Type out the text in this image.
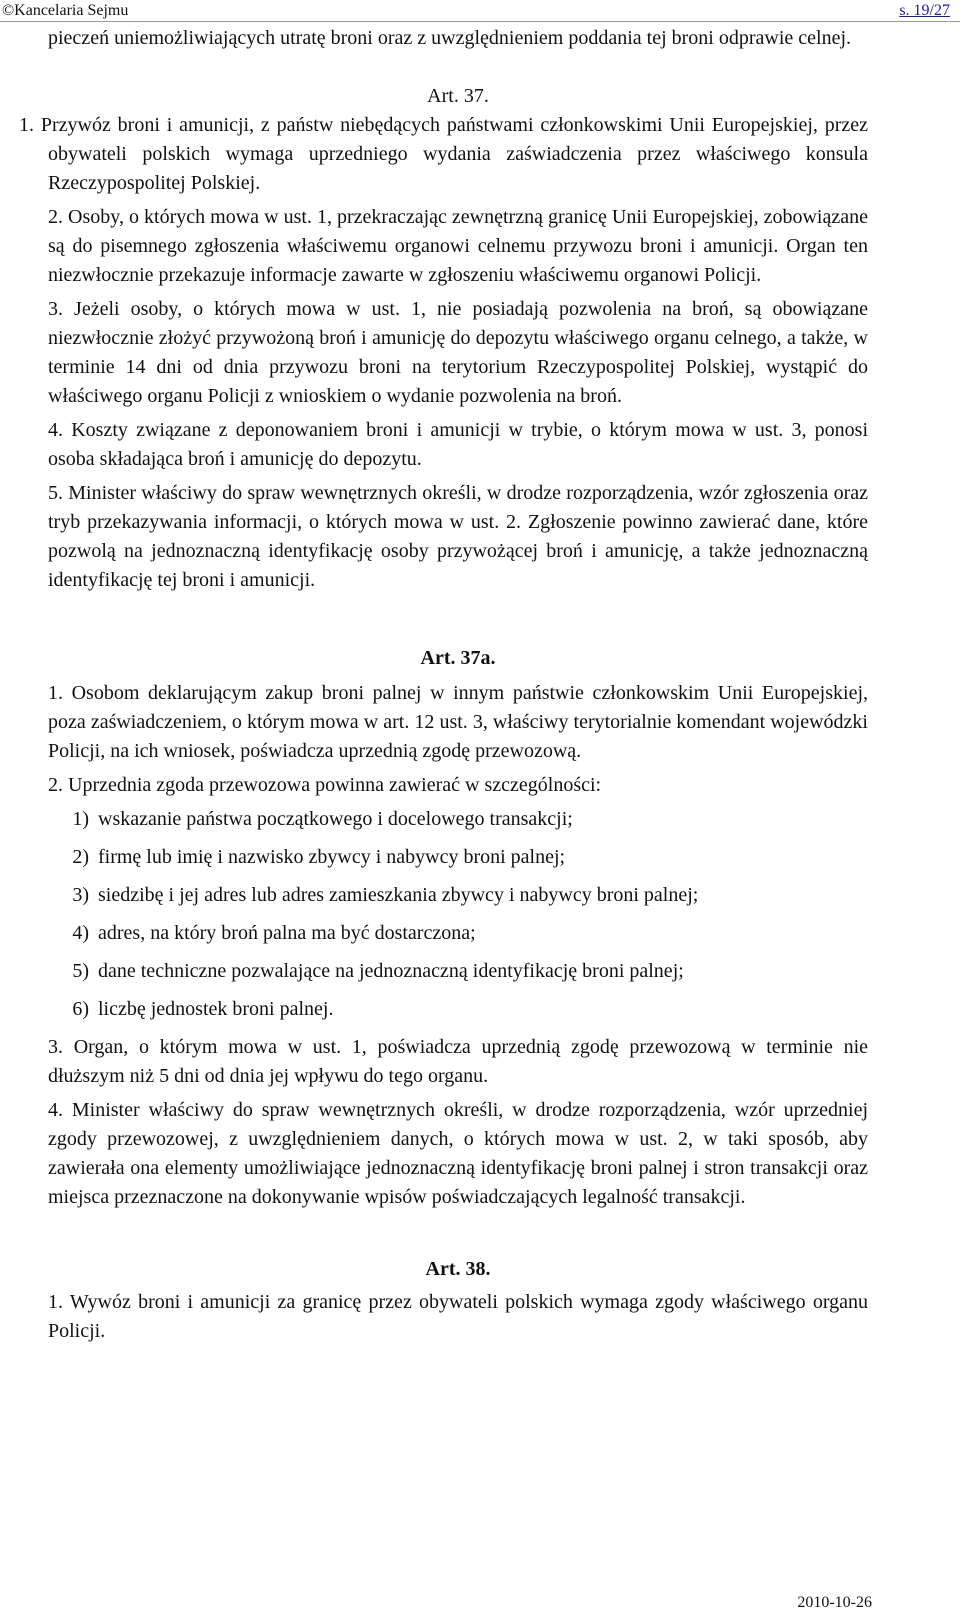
©Kancelaria Sejmu	s. 19/27

pieczeń uniemożliwiających utratę broni oraz z uwzględnieniem poddania tej broni odprawie celnej.

Art. 37.

1. Przywóz broni i amunicji, z państw niebędących państwami członkowskimi Unii Europejskiej, przez obywateli polskich wymaga uprzedniego wydania zaświadczenia przez właściwego konsula Rzeczypospolitej Polskiej.

2. Osoby, o których mowa w ust. 1, przekraczając zewnętrzną granicę Unii Europejskiej, zobowiązane są do pisemnego zgłoszenia właściwemu organowi celnemu przywozu broni i amunicji. Organ ten niezwłocznie przekazuje informacje zawarte w zgłoszeniu właściwemu organowi Policji.

3. Jeżeli osoby, o których mowa w ust. 1, nie posiadają pozwolenia na broń, są obowiązane niezwłocznie złożyć przywożoną broń i amunicję do depozytu właściwego organu celnego, a także, w terminie 14 dni od dnia przywozu broni na terytorium Rzeczypospolitej Polskiej, wystąpić do właściwego organu Policji z wnioskiem o wydanie pozwolenia na broń.

4. Koszty związane z deponowaniem broni i amunicji w trybie, o którym mowa w ust. 3, ponosi osoba składająca broń i amunicję do depozytu.

5. Minister właściwy do spraw wewnętrznych określi, w drodze rozporządzenia, wzór zgłoszenia oraz tryb przekazywania informacji, o których mowa w ust. 2. Zgłoszenie powinno zawierać dane, które pozwolą na jednoznaczną identyfikację osoby przywożącej broń i amunicję, a także jednoznaczną identyfikację tej broni i amunicji.

Art. 37a.

1. Osobom deklarującym zakup broni palnej w innym państwie członkowskim Unii Europejskiej, poza zaświadczeniem, o którym mowa w art. 12 ust. 3, właściwy terytorialnie komendant wojewódzki Policji, na ich wniosek, poświadcza uprzednią zgodę przewozową.

2. Uprzednia zgoda przewozowa powinna zawierać w szczególności:

1) wskazanie państwa początkowego i docelowego transakcji;
2) firmę lub imię i nazwisko zbywcy i nabywcy broni palnej;
3) siedzibę i jej adres lub adres zamieszkania zbywcy i nabywcy broni palnej;
4) adres, na który broń palna ma być dostarczona;
5) dane techniczne pozwalające na jednoznaczną identyfikację broni palnej;
6) liczbę jednostek broni palnej.

3. Organ, o którym mowa w ust. 1, poświadcza uprzednią zgodę przewozową w terminie nie dłuższym niż 5 dni od dnia jej wpływu do tego organu.

4. Minister właściwy do spraw wewnętrznych określi, w drodze rozporządzenia, wzór uprzedniej zgody przewozowej, z uwzględnieniem danych, o których mowa w ust. 2, w taki sposób, aby zawierała ona elementy umożliwiające jednoznaczną identyfikację broni palnej i stron transakcji oraz miejsca przeznaczone na dokonywanie wpisów poświadczających legalność transakcji.

Art. 38.

1. Wywóz broni i amunicji za granicę przez obywateli polskich wymaga zgody właściwego organu Policji.

2010-10-26
